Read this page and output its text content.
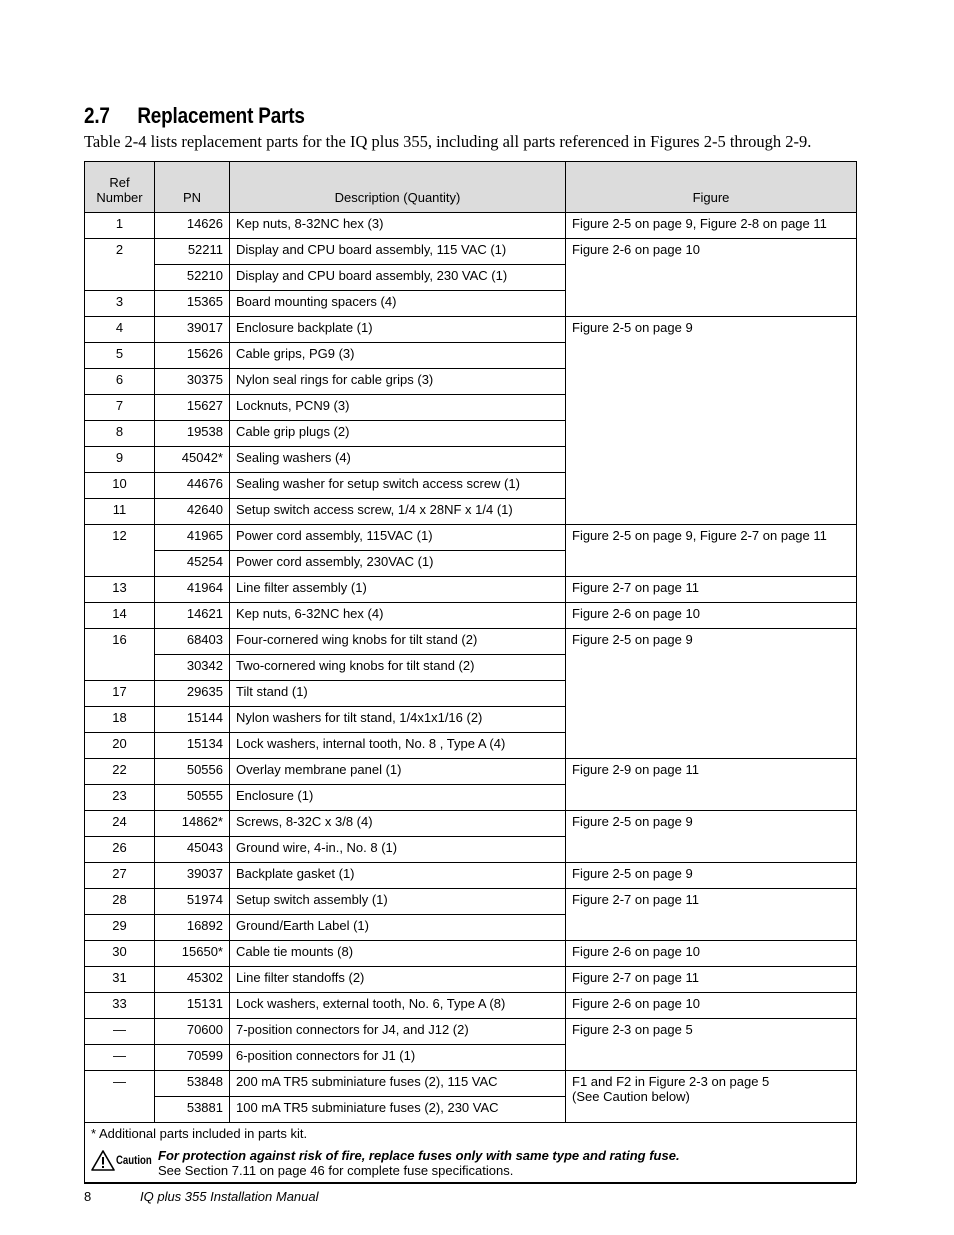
2.7 Replacement Parts

Table 2-4 lists replacement parts for the IQ plus 355, including all parts referenced in Figures 2-5 through 2-9.

Ref
Number	PN	Description (Quantity)	Figure
1	14626	Kep nuts, 8-32NC hex (3)	Figure 2-5 on page 9, Figure 2-8 on page 11
2	52211	Display and CPU board assembly, 115 VAC (1)	Figure 2-6 on page 10
	52210	Display and CPU board assembly, 230 VAC (1)	
3	15365	Board mounting spacers (4)	
4	39017	Enclosure backplate (1)	Figure 2-5 on page 9
5	15626	Cable grips, PG9 (3)	
6	30375	Nylon seal rings for cable grips (3)	
7	15627	Locknuts, PCN9 (3)	
8	19538	Cable grip plugs (2)	
9	45042*	Sealing washers (4)	
10	44676	Sealing washer for setup switch access screw (1)	
11	42640	Setup switch access screw, 1/4 x 28NF x 1/4 (1)	
12	41965	Power cord assembly, 115VAC (1)	Figure 2-5 on page 9, Figure 2-7 on page 11
	45254	Power cord assembly, 230VAC (1)	
13	41964	Line filter assembly (1)	Figure 2-7 on page 11
14	14621	Kep nuts, 6-32NC hex (4)	Figure 2-6 on page 10
16	68403	Four-cornered wing knobs for tilt stand (2)	Figure 2-5 on page 9
	30342	Two-cornered wing knobs for tilt stand (2)	
17	29635	Tilt stand (1)	
18	15144	Nylon washers for tilt stand, 1/4x1x1/16 (2)	
20	15134	Lock washers, internal tooth, No. 8 , Type A (4)	
22	50556	Overlay membrane panel (1)	Figure 2-9 on page 11
23	50555	Enclosure (1)	
24	14862*	Screws, 8-32C x 3/8 (4)	Figure 2-5 on page 9
26	45043	Ground wire, 4-in., No. 8 (1)	
27	39037	Backplate gasket (1)	Figure 2-5 on page 9
28	51974	Setup switch assembly (1)	Figure 2-7 on page 11
29	16892	Ground/Earth Label (1)	
30	15650*	Cable tie mounts (8)	Figure 2-6 on page 10
31	45302	Line filter standoffs (2)	Figure 2-7 on page 11
33	15131	Lock washers, external tooth, No. 6, Type A (8)	Figure 2-6 on page 10
—	70600	7-position connectors for J4, and J12 (2)	Figure 2-3 on page 5
—	70599	6-position connectors for J1 (1)	
—	53848	200 mA TR5 subminiature fuses (2), 115 VAC	F1 and F2 in Figure 2-3 on page 5
(See Caution below)
	53881	100 mA TR5 subminiature fuses (2), 230 VAC	

* Additional parts included in parts kit.
Caution For protection against risk of fire, replace fuses only with same type and rating fuse.
See Section 7.11 on page 46 for complete fuse specifications.			
8	IQ plus 355 Installation Manual
